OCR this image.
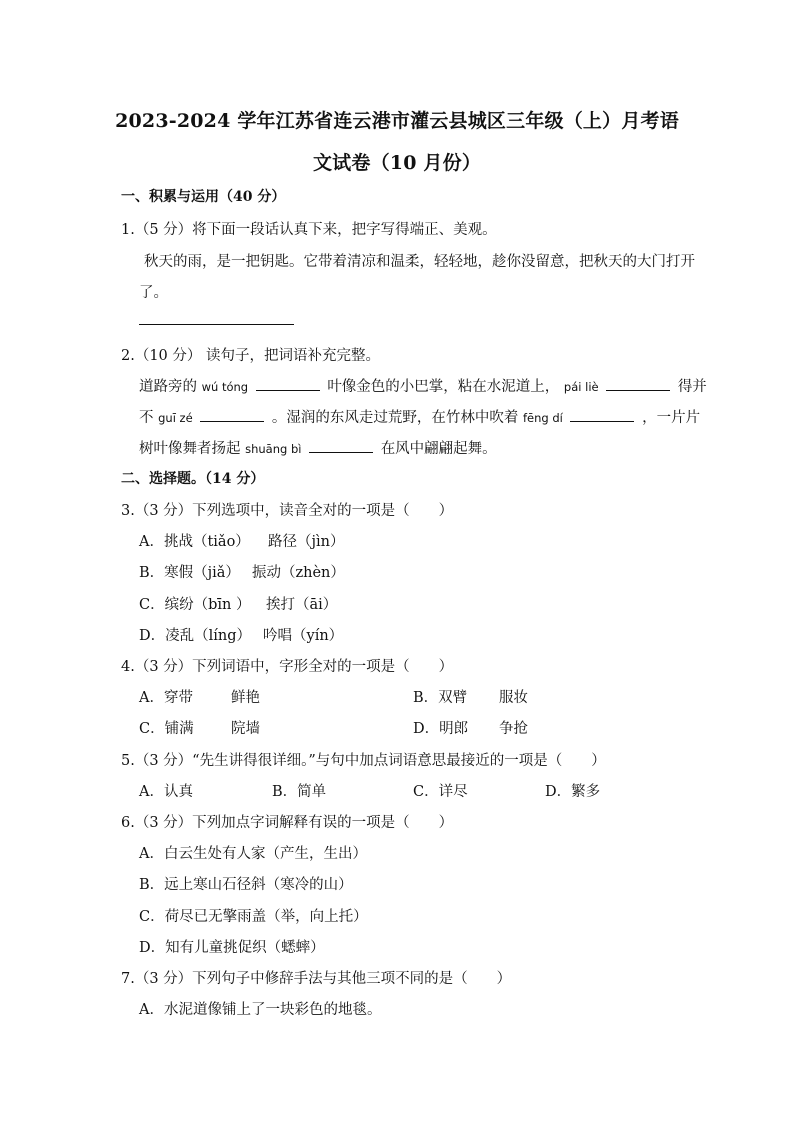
2023-2024 学年江苏省连云港市灌云县城区三年级（上）月考语
文试卷（10 月份）
一、积累与运用（40 分）
1.（5 分）将下面一段话认真下来，把字写得端正、美观。
秋天的雨，是一把钥匙。它带着清凉和温柔，轻轻地，趁你没留意，把秋天的大门打开
了。
2.（10 分） 读句子，把词语补充完整。
道路旁的 wú tóng	叶像金色的小巴掌，粘在水泥道上， pái liè	得并
不 guī zé	。湿润的东风走过荒野，在竹林中吹着 fēng dí	，一片片
树叶像舞者扬起 shuāng bì	在风中翩翩起舞。
二、选择题。（14 分）
3.（3 分）下列选项中，读音全对的一项是（　　）
A．挑战（tiǎo） 路径（jìn）
B．寒假（jiǎ） 振动（zhèn）
C．缤纷（bīn ） 挨打（āi）
D．凌乱（líng） 吟唱（yín）
4.（3 分）下列词语中，字形全对的一项是（　　）
A．穿带	鲜艳	B．双臂 服妆
C．铺满	院墙	D．明郎 争抢
5.（3 分）“先生讲得很详细。”与句中加点词语意思最接近的一项是（　　）
A．认真	B．简单	C．详尽	D．繁多
6.（3 分）下列加点字词解释有误的一项是（　　）
A．白云生处有人家（产生，生出）
B．远上寒山石径斜（寒冷的山）
C．荷尽已无擎雨盖（举，向上托）
D．知有儿童挑促织（蟋蟀）
7.（3 分）下列句子中修辞手法与其他三项不同的是（　　）
A．水泥道像铺上了一块彩色的地毯。
